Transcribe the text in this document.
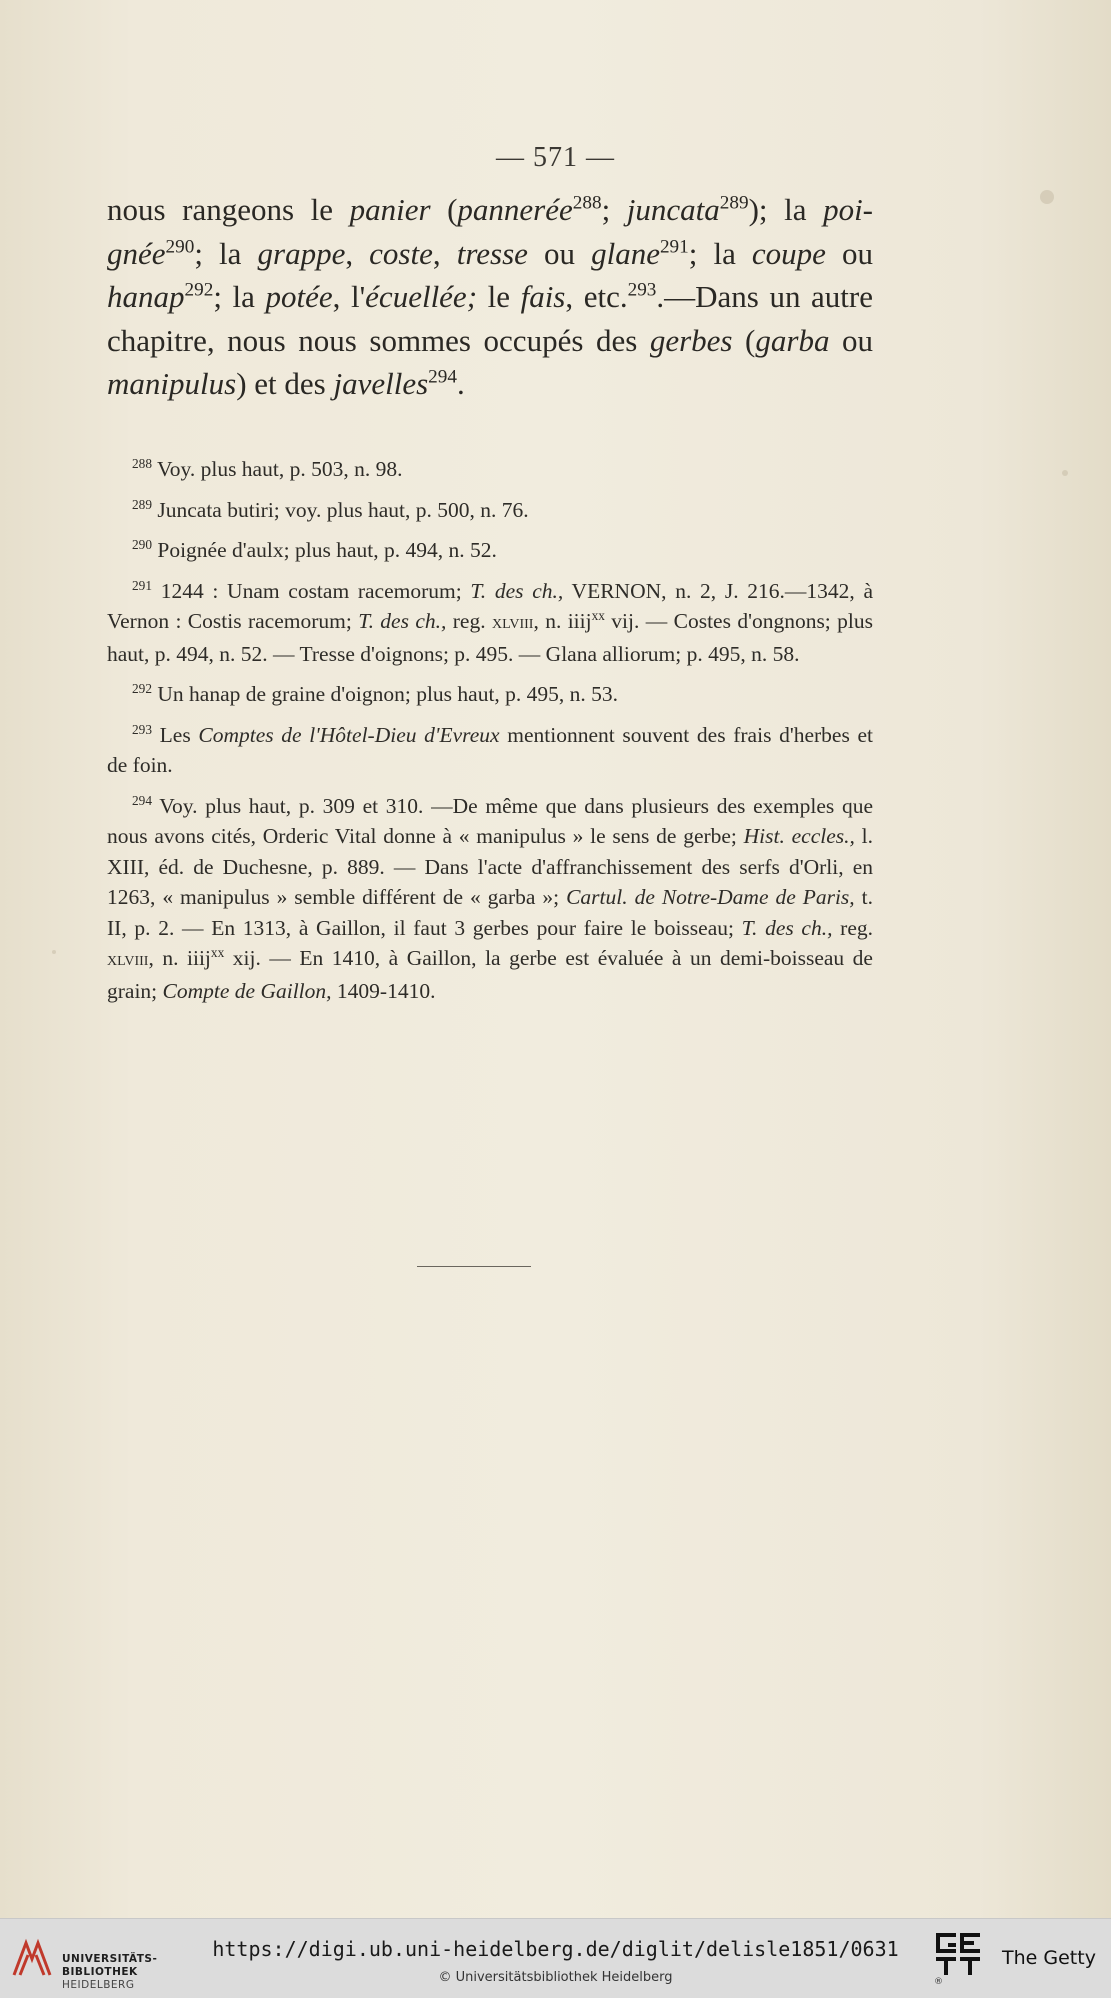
— 571 —

nous rangeons le panier (pannerée$^{288}$; juncata$^{289}$); la poi-gnée$^{290}$; la grappe, coste, tresse ou glane$^{291}$; la coupe ou hanap$^{292}$; la potée, l'écuellée; le fais, etc.$^{293}$.—Dans un autre chapitre, nous nous sommes occupés des gerbes (garba ou manipulus) et des javelles$^{294}$.

$^{288}$ Voy. plus haut, p. 503, n. 98.

$^{289}$ Juncata butiri; voy. plus haut, p. 500, n. 76.

$^{290}$ Poignée d'aulx; plus haut, p. 494, n. 52.

$^{291}$ 1244 : Unam costam racemorum; T. des ch., VERNON, n. 2, J. 216.—1342, à Vernon : Costis racemorum; T. des ch., reg. xlviii, n. iiij$^{xx}$ vij. — Costes d'ongnons; plus haut, p. 494, n. 52. — Tresse d'oignons; p. 495. — Glana alliorum; p. 495, n. 58.

$^{292}$ Un hanap de graine d'oignon; plus haut, p. 495, n. 53.

$^{293}$ Les Comptes de l'Hôtel-Dieu d'Evreux mentionnent souvent des frais d'herbes et de foin.

$^{294}$ Voy. plus haut, p. 309 et 310. —De même que dans plusieurs des exemples que nous avons cités, Orderic Vital donne à « manipulus » le sens de gerbe; Hist. eccles., l. XIII, éd. de Duchesne, p. 889. — Dans l'acte d'affranchissement des serfs d'Orli, en 1263, « manipulus » semble différent de « garba »; Cartul. de Notre-Dame de Paris, t. II, p. 2. — En 1313, à Gaillon, il faut 3 gerbes pour faire le boisseau; T. des ch., reg. xlviii, n. iiij$^{xx}$ xij. — En 1410, à Gaillon, la gerbe est évaluée à un demi-boisseau de grain; Compte de Gaillon, 1409-1410.

UNIVERSITÄTS-
BIBLIOTHEK
HEIDELBERG
https://digi.ub.uni-heidelberg.de/diglit/delisle1851/0631
© Universitätsbibliothek Heidelberg	®
The Getty
